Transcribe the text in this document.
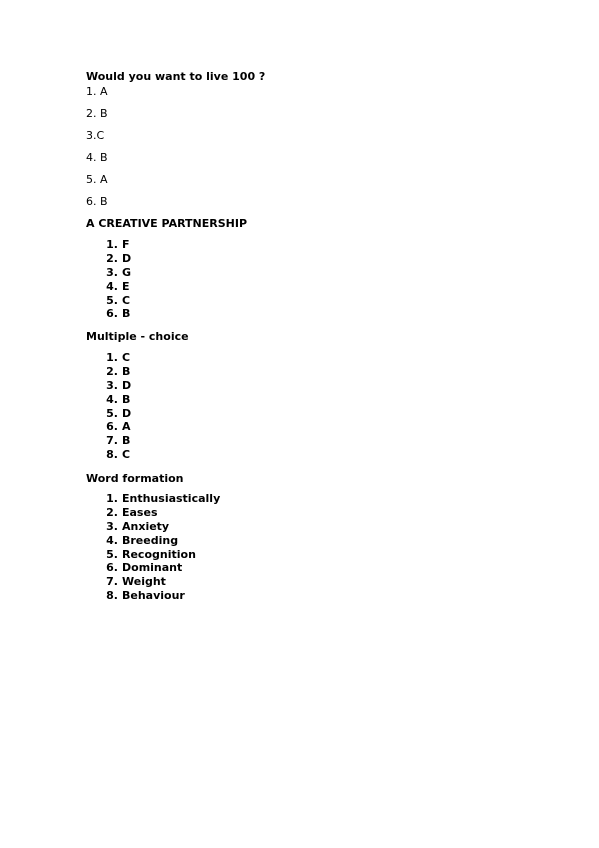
Would you want to live 100 ?
1. A
2. B
3.C
4. B
5. A
6. B
A CREATIVE PARTNERSHIP
1. F
2. D
3. G
4. E
5. C
6. B
Multiple - choice
1. C
2. B
3. D
4. B
5. D
6. A
7. B
8. C
Word formation
1. Enthusiastically
2. Eases
3. Anxiety
4. Breeding
5. Recognition
6. Dominant
7. Weight
8. Behaviour
